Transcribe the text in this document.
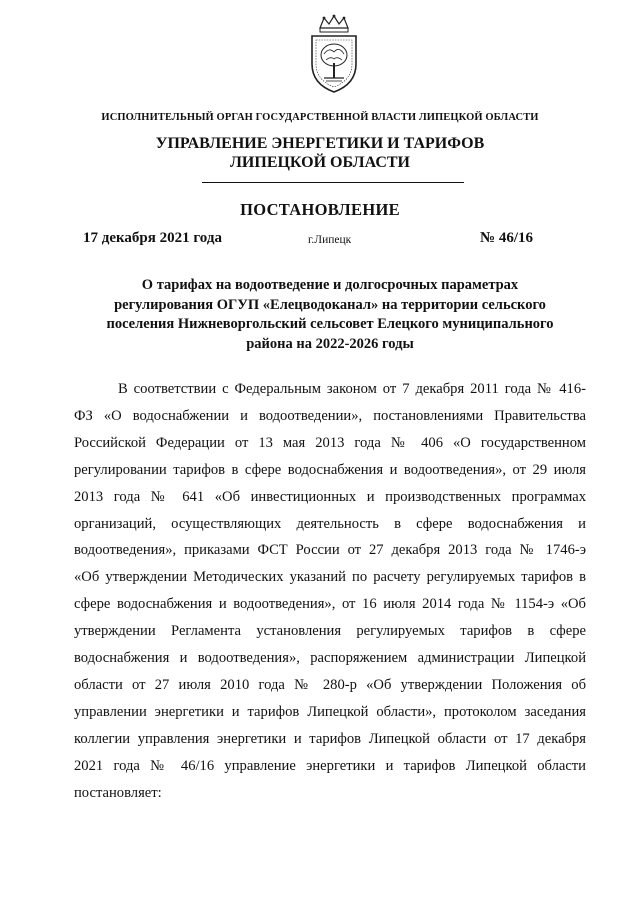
ИСПОЛНИТЕЛЬНЫЙ ОРГАН ГОСУДАРСТВЕННОЙ ВЛАСТИ ЛИПЕЦКОЙ ОБЛАСТИ
УПРАВЛЕНИЕ ЭНЕРГЕТИКИ И ТАРИФОВ
ЛИПЕЦКОЙ ОБЛАСТИ
ПОСТАНОВЛЕНИЕ
17 декабря 2021 года	г.Липецк	№ 46/16
О тарифах на водоотведение и долгосрочных параметрах
регулирования ОГУП «Елецводоканал» на территории сельского
поселения Нижневоргольский сельсовет Елецкого муниципального
района на 2022-2026 годы
В соответствии с Федеральным законом от 7 декабря 2011 года № 416-
ФЗ «О водоснабжении и водоотведении», постановлениями Правительства
Российской Федерации от 13 мая 2013 года № 406 «О государственном
регулировании тарифов в сфере водоснабжения и водоотведения», от 29 июля
2013 года № 641 «Об инвестиционных и производственных программах
организаций, осуществляющих деятельность в сфере водоснабжения и
водоотведения», приказами ФСТ России от 27 декабря 2013 года № 1746-э
«Об утверждении Методических указаний по расчету регулируемых тарифов в
сфере водоснабжения и водоотведения», от 16 июля 2014 года № 1154-э «Об
утверждении Регламента установления регулируемых тарифов в сфере
водоснабжения и водоотведения», распоряжением администрации Липецкой
области от 27 июля 2010 года № 280-р «Об утверждении Положения об
управлении энергетики и тарифов Липецкой области», протоколом заседания
коллегии управления энергетики и тарифов Липецкой области от 17 декабря
2021 года № 46/16 управление энергетики и тарифов Липецкой области
постановляет:
